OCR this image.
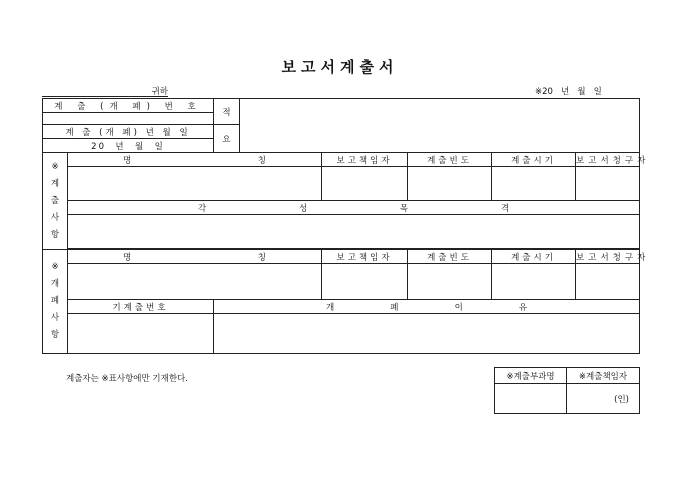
보고서계출서
귀하	※20   년   월   일
계 출 (개 폐) 번 호		적					

계 출 (개 폐) 년 월 일		요					
20  년  월  일							

※
계
출
사
항	명 칭			보고책임자	계출빈도	계출시기	보고서청구자

	각 성 목 격						

※
개
폐
사
항	명 칭			보고책임자	계출빈도	계출시기	보고서청구자

	기계출번호	개 폐 이 유					

계출자는 ※표사항에만 기재한다.	※계출부과명	※계출책임자
	(인)
